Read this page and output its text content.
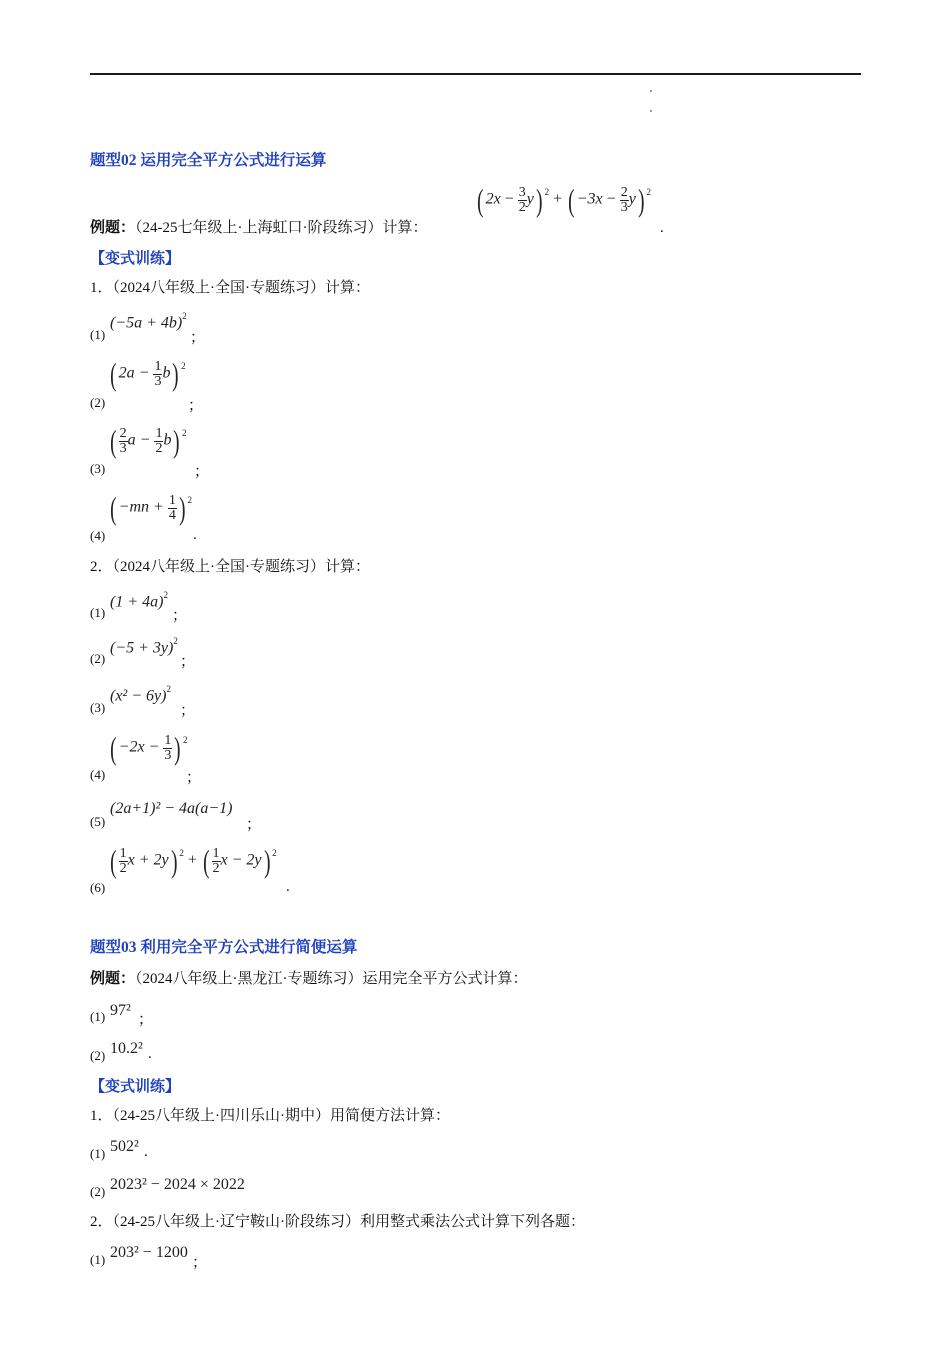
题型02 运用完全平方公式进行运算
例题：（24-25七年级上·上海虹口·阶段练习）计算：
( $2x - \frac{3}{2} y$) $^2$ + ( $-3x - \frac{2}{3} y$) $^2$
.
【变式训练】
1．（2024八年级上·全国·专题练习）计算：
(1)
$(-5a + 4b)^2$
；
(2)
( $2a - \frac{1}{3} b$) $^2$
；
(3)
( $\frac{2}{3}$ $a - \frac{1}{2} b$) $^2$
；
(4)
( $-mn + \frac{1}{4}$ ) $^2$
.
2．（2024八年级上·全国·专题练习）计算：
(1)
$(1 + 4a)^2$
；
(2)
$(-5 + 3y)^2$
；
(3)
$(x^2 - 6y)^2$
；
(4)
( $-2x - \frac{1}{3}$ ) $^2$
；
(5)
(2a+1)² − 4a(a−1)
；
(6)
( $\frac{1}{2}$ x + 2y) $^2$ + ( $\frac{1}{2}$ x − 2y) $^2$
.
题型03 利用完全平方公式进行简便运算
例题：（2024八年级上·黑龙江·专题练习）运用完全平方公式计算：
(1) 97²
；
(2) 10.2² .
【变式训练】
1．（24-25八年级上·四川乐山·期中）用简便方法计算：
(1) 502² .
(2) 2023² − 2024 × 2022
2．（24-25八年级上·辽宁鞍山·阶段练习）利用整式乘法公式计算下列各题：
(1) 203² − 1200
；
